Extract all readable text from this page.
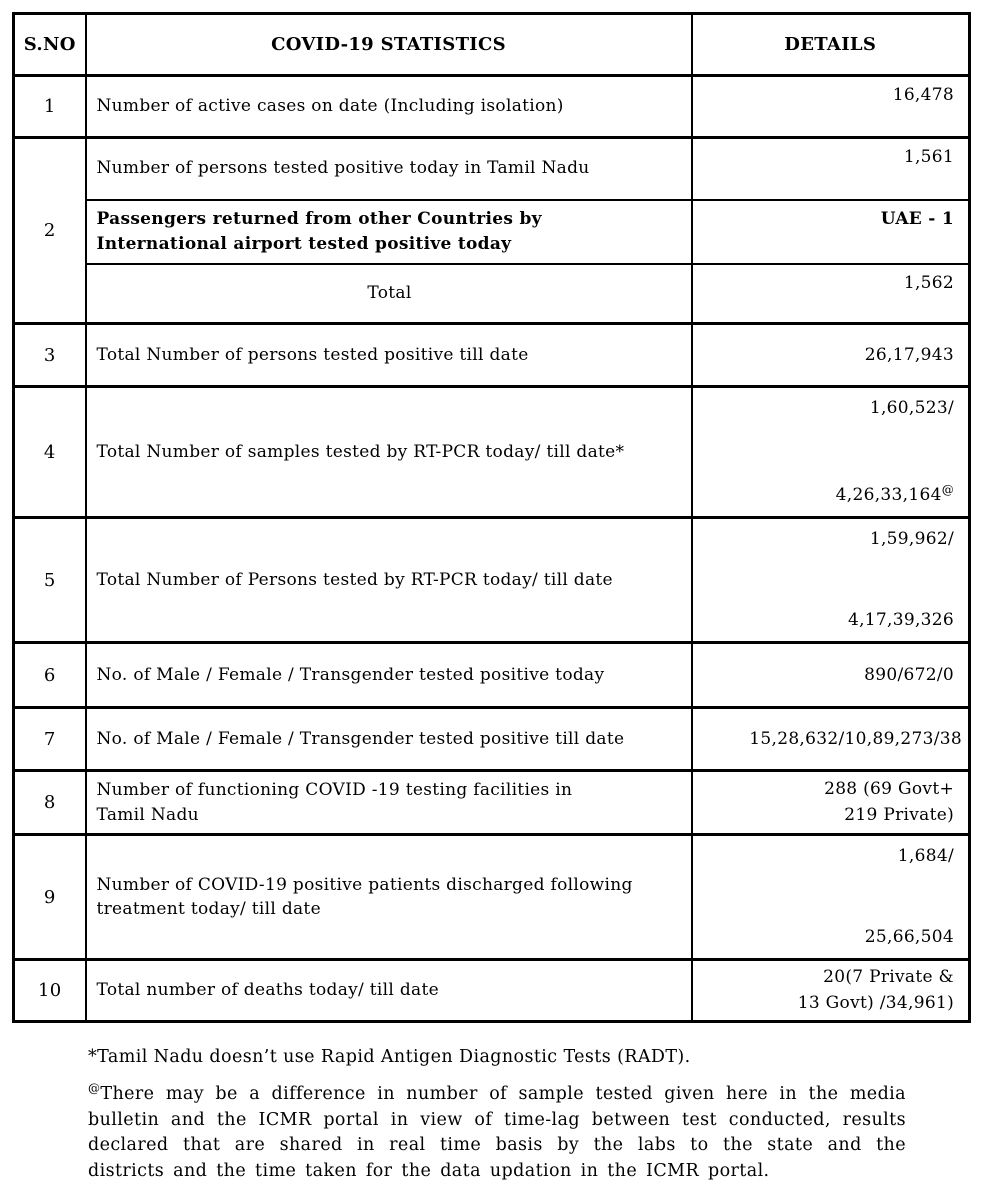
S.NO	COVID-19 STATISTICS	DETAILS
1	Number of active cases on date (Including isolation)	16,478
2	Number of persons tested positive today in Tamil Nadu	1,561
	Passengers returned from other Countries by International airport tested positive today	UAE - 1
	Total	1,562
3	Total Number of persons tested positive till date	26,17,943
4	Total Number of samples tested by RT-PCR today/ till date*	1,60,523/
4,26,33,164@

5	Total Number of Persons tested by RT-PCR today/ till date	1,59,962/
4,17,39,326

6	No. of Male / Female / Transgender tested positive today	890/672/0
7	No. of Male / Female / Transgender tested positive till date	15,28,632/10,89,273/38
8	Number of functioning COVID -19 testing facilities in Tamil Nadu	288 (69 Govt+
219 Private)

9	Number of COVID-19 positive patients discharged following treatment today/ till date	1,684/
25,66,504

10	Total number of deaths today/ till date	20(7 Private &
13 Govt) /34,961)
*Tamil Nadu doesn’t use Rapid Antigen Diagnostic Tests (RADT).
@There may be a difference in number of sample tested given here in the media bulletin and the ICMR portal in view of time-lag between test conducted, results declared that are shared in real time basis by the labs to the state and the districts and the time taken for the data updation in the ICMR portal.
